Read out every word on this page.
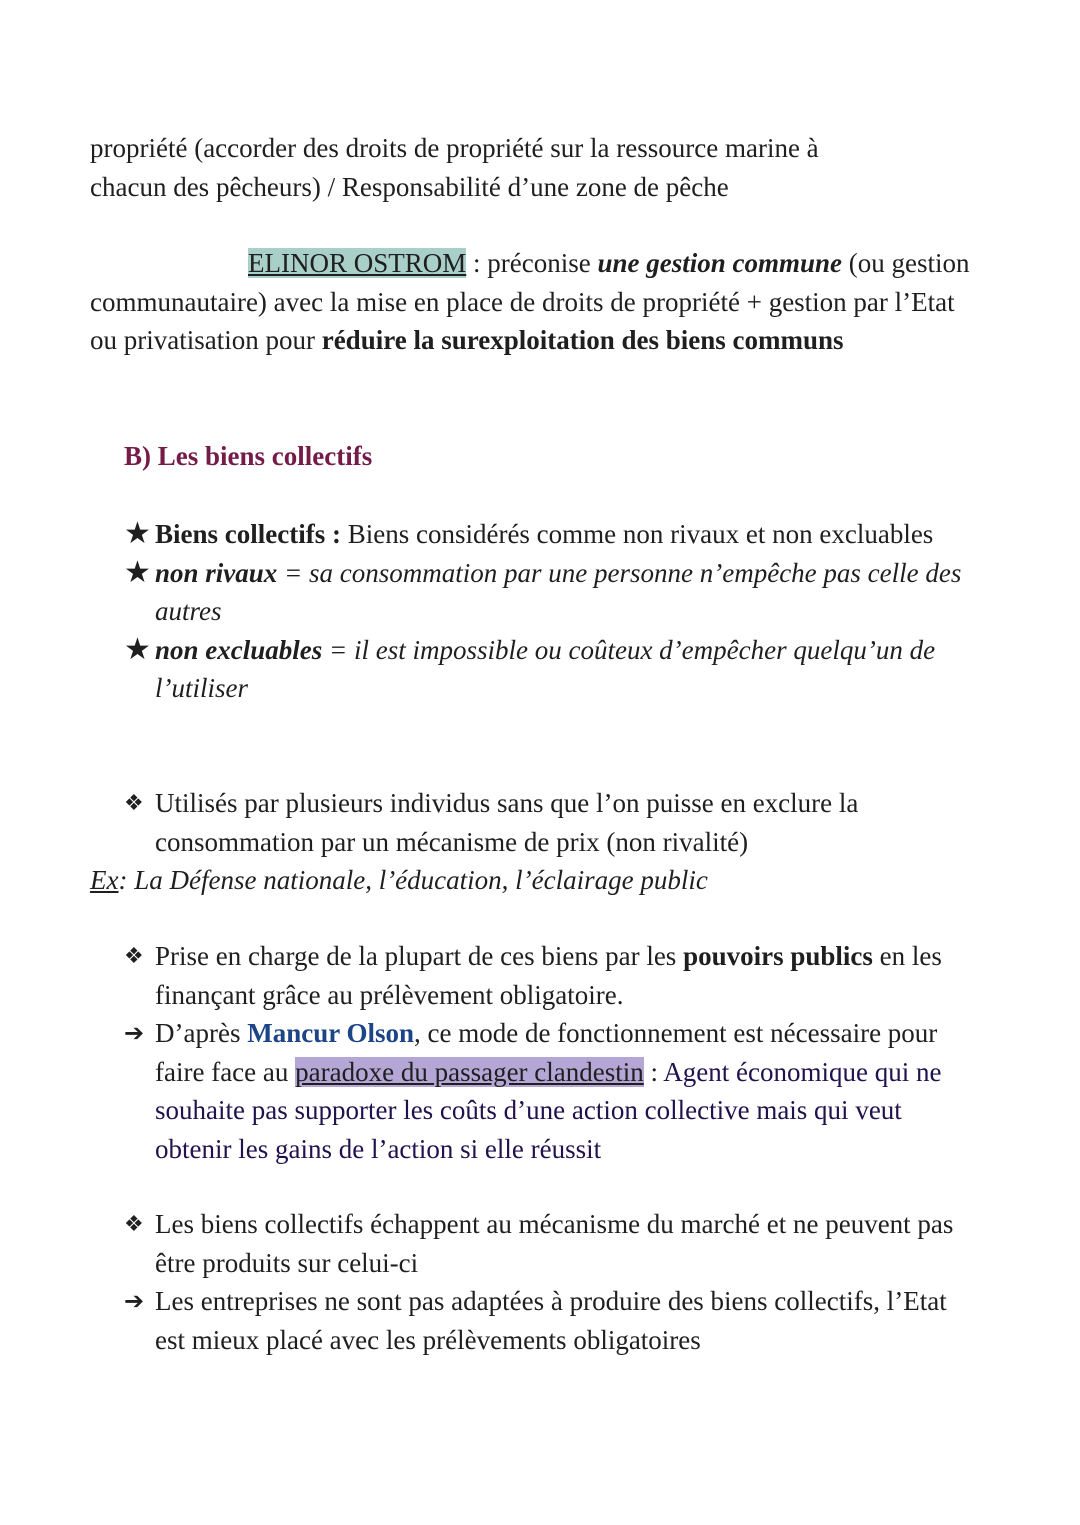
propriété (accorder des droits de propriété sur la ressource marine à
chacun des pêcheurs) / Responsabilité d’une zone de pêche

ELINOR OSTROM : préconise une gestion commune (ou gestion communautaire) avec la mise en place de droits de propriété + gestion par l’Etat ou privatisation pour réduire la surexploitation des biens communs

B) Les biens collectifs
★ Biens collectifs : Biens considérés comme non rivaux et non excluables
★ non rivaux = sa consommation par une personne n’empêche pas celle des autres
★ non excluables = il est impossible ou coûteux d’empêcher quelqu’un de l’utiliser
❖ Utilisés par plusieurs individus sans que l’on puisse en exclure la consommation par un mécanisme de prix (non rivalité)

Ex: La Défense nationale, l’éducation, l’éclairage public

❖ Prise en charge de la plupart de ces biens par les pouvoirs publics en les finançant grâce au prélèvement obligatoire.
➔ D’après Mancur Olson, ce mode de fonctionnement est nécessaire pour faire face au paradoxe du passager clandestin : Agent économique qui ne souhaite pas supporter les coûts d’une action collective mais qui veut obtenir les gains de l’action si elle réussit
❖ Les biens collectifs échappent au mécanisme du marché et ne peuvent pas être produits sur celui-ci
➔ Les entreprises ne sont pas adaptées à produire des biens collectifs, l’Etat est mieux placé avec les prélèvements obligatoires
